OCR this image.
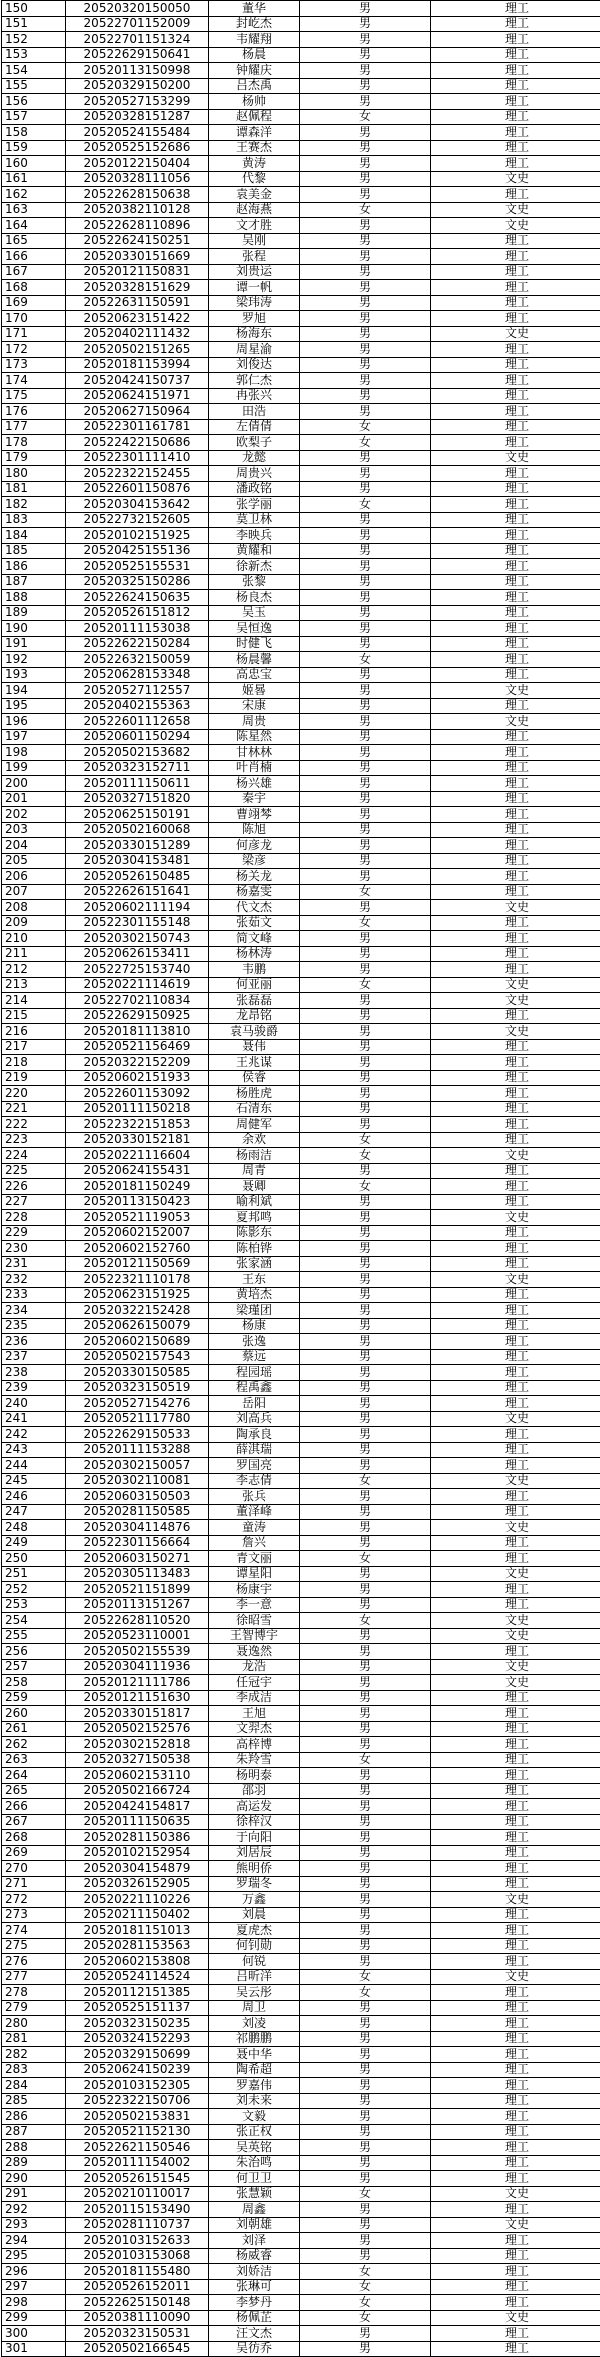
150	20520320150050	董华	男	理工
151	20522701152009	封屹杰	男	理工
152	20522701151324	韦耀翔	男	理工
153	20522629150641	杨晨	男	理工
154	20520113150998	钟耀庆	男	理工
155	20520329150200	吕杰禹	男	理工
156	20520527153299	杨帅	男	理工
157	20520328151287	赵佩程	女	理工
158	20520524155484	谭森洋	男	理工
159	20520525152686	王赛杰	男	理工
160	20520122150404	黄涛	男	理工
161	20520328111056	代黎	男	文史
162	20522628150638	袁美金	男	理工
163	20520382110128	赵海燕	女	文史
164	20522628110896	文才胜	男	文史
165	20522624150251	吴刚	男	理工
166	20520330151669	张程	男	理工
167	20520121150831	刘贵运	男	理工
168	20520328151629	谭一帆	男	理工
169	20522631150591	梁玮涛	男	理工
170	20520623151422	罗旭	男	理工
171	20520402111432	杨海东	男	文史
172	20520502151265	周星渝	男	理工
173	20520181153994	刘俊达	男	理工
174	20520424150737	郭仁杰	男	理工
175	20520624151971	冉张兴	男	理工
176	20520627150964	田浩	男	理工
177	20522301161781	左倩倩	女	理工
178	20522422150686	欧梨子	女	理工
179	20522301111410	龙懿	男	文史
180	20522322152455	周贵兴	男	理工
181	20522601150876	潘政铭	男	理工
182	20520304153642	张学丽	女	理工
183	20522732152605	莫卫林	男	理工
184	20520102151925	李映兵	男	理工
185	20520425155136	黄耀和	男	理工
186	20520525155531	徐新杰	男	理工
187	20520325150286	张黎	男	理工
188	20522624150635	杨良杰	男	理工
189	20520526151812	吴玉	男	理工
190	20520111153038	吴恒逸	男	理工
191	20522622150284	时健飞	男	理工
192	20522632150059	杨晨馨	女	理工
193	20520628153348	高忠宝	男	理工
194	20520527112557	姬晷	男	文史
195	20520402155363	宋康	男	理工
196	20522601112658	周贵	男	文史
197	20520601150294	陈星然	男	理工
198	20520502153682	甘林林	男	理工
199	20520323152711	叶肖楠	男	理工
200	20520111150611	杨兴雄	男	理工
201	20520327151820	秦宇	男	理工
202	20520625150191	曹翊棽	男	理工
203	20520502160068	陈旭	男	理工
204	20520330151289	何彦龙	男	理工
205	20520304153481	梁彦	男	理工
206	20520526150485	杨关龙	男	理工
207	20522626151641	杨嘉雯	女	理工
208	20520602111194	代文杰	男	文史
209	20522301155148	张茹文	女	理工
210	20520302150743	简文峰	男	理工
211	20520626153411	杨林涛	男	理工
212	20522725153740	韦鹏	男	理工
213	20520221114619	何亚丽	女	文史
214	20522702110834	张磊磊	男	文史
215	20522629150925	龙昂铭	男	理工
216	20520181113810	袁马骏爵	男	文史
217	20520521156469	聂伟	男	理工
218	20520322152209	王兆谋	男	理工
219	20520602151933	侯睿	男	理工
220	20522601153092	杨胜虎	男	理工
221	20520111150218	石清东	男	理工
222	20522322151853	周健军	男	理工
223	20520330152181	余欢	女	理工
224	20520221116604	杨雨洁	女	文史
225	20520624155431	周青	男	理工
226	20520181150249	聂卿	女	理工
227	20520113150423	喻利斌	男	理工
228	20520521119053	夏邦鸣	男	文史
229	20520602152007	陈影东	男	理工
230	20520602152760	陈柏铧	男	理工
231	20520121150569	张家涵	男	理工
232	20522321110178	王东	男	文史
233	20520623151925	黄培杰	男	理工
234	20520322152428	梁瑾团	男	理工
235	20520626150079	杨康	男	理工
236	20520602150689	张逸	男	理工
237	20520502157543	蔡远	男	理工
238	20520330150585	程园瑶	男	理工
239	20520323150519	程禹鑫	男	理工
240	20520527154276	岳阳	男	理工
241	20520521117780	刘高兵	男	文史
242	20522629150533	陶承良	男	理工
243	20520111153288	薛淇瑞	男	理工
244	20520302150057	罗国亮	男	理工
245	20520302110081	李志倩	女	文史
246	20520603150503	张兵	男	理工
247	20520281150585	董泽峰	男	理工
248	20520304114876	童涛	男	文史
249	20522301156664	詹兴	男	理工
250	20520603150271	青文丽	女	理工
251	20520305113483	谭星阳	男	文史
252	20520521151899	杨康宇	男	理工
253	20520113151267	李一意	男	理工
254	20522628110520	徐昭雪	女	文史
255	20520523110001	王智博宇	男	文史
256	20520502155539	聂逸然	男	理工
257	20520304111936	龙浩	男	文史
258	20520121111786	任冠宇	男	文史
259	20520121151630	李成洁	男	理工
260	20520330151817	王旭	男	理工
261	20520502152576	文羿杰	男	理工
262	20520302152818	高梓博	男	理工
263	20520327150538	朱羚雪	女	理工
264	20520602153110	杨明泰	男	理工
265	20520502166724	邵羽	男	理工
266	20520424154817	高运发	男	理工
267	20520111150635	徐梓汉	男	理工
268	20520281150386	于向阳	男	理工
269	20520102152954	刘居辰	男	理工
270	20520304154879	熊明侨	男	理工
271	20520326152905	罗瑞冬	男	理工
272	20520221110226	万鑫	男	文史
273	20520211150402	刘晨	男	理工
274	20520181151013	夏虎杰	男	理工
275	20520281153563	何钊勋	男	理工
276	20520602153808	何锐	男	理工
277	20520524114524	吕昕洋	女	文史
278	20520112151385	吴云彤	女	理工
279	20520525151137	周卫	男	理工
280	20520323150235	刘凌	男	理工
281	20520324152293	祁鹏鹏	男	理工
282	20520329150699	聂中华	男	理工
283	20520624150239	陶希超	男	理工
284	20520103152305	罗嘉伟	男	理工
285	20522322150706	刘未来	男	理工
286	20520502153831	文毅	男	理工
287	20520521152130	张正权	男	理工
288	20522621150546	吴英铭	男	理工
289	20520111154002	朱治鸣	男	理工
290	20520526151545	何卫卫	男	理工
291	20520210110017	张慧颖	女	文史
292	20520115153490	周鑫	男	理工
293	20520281110737	刘朝雄	男	文史
294	20520103152633	刘泽	男	理工
295	20520103153068	杨威睿	男	理工
296	20520181155480	刘娇洁	女	理工
297	20520526152011	张琳可	女	理工
298	20522625150148	李梦丹	女	理工
299	20520381110090	杨佩芷	女	文史
300	20520323150531	汪文杰	男	理工
301	20520502166545	吴彷乔	男	理工
